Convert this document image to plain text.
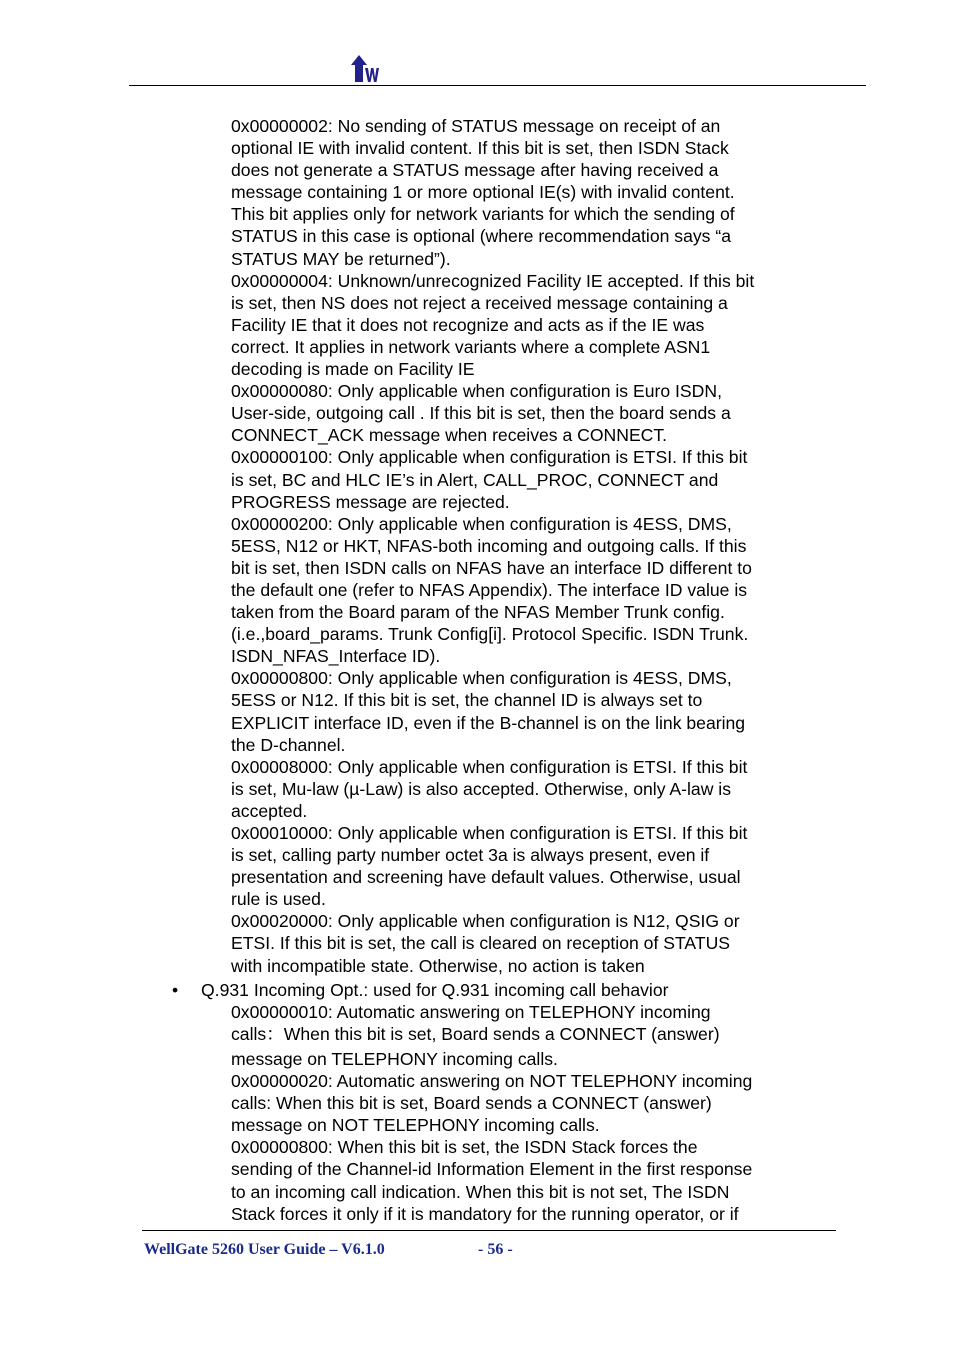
0x00000002: No sending of STATUS message on receipt of an
optional IE with invalid content. If this bit is set, then ISDN Stack
does not generate a STATUS message after having received a
message containing 1 or more optional IE(s) with invalid content.
This bit applies only for network variants for which the sending of
STATUS in this case is optional (where recommendation says “a
STATUS MAY be returned”).
0x00000004: Unknown/unrecognized Facility IE accepted. If this bit
is set, then NS does not reject a received message containing a
Facility IE that it does not recognize and acts as if the IE was
correct. It applies in network variants where a complete ASN1
decoding is made on Facility IE
0x00000080: Only applicable when configuration is Euro ISDN,
User-side, outgoing call . If this bit is set, then the board sends a
CONNECT_ACK message when receives a CONNECT.
0x00000100: Only applicable when configuration is ETSI. If this bit
is set, BC and HLC IE’s in Alert, CALL_PROC, CONNECT and
PROGRESS message are rejected.
0x00000200: Only applicable when configuration is 4ESS, DMS,
5ESS, N12 or HKT, NFAS-both incoming and outgoing calls. If this
bit is set, then ISDN calls on NFAS have an interface ID different to
the default one (refer to NFAS Appendix). The interface ID value is
taken from the Board param of the NFAS Member Trunk config.
(i.e.,board_params. Trunk Config[i]. Protocol Specific. ISDN Trunk.
ISDN_NFAS_Interface ID).
0x00000800: Only applicable when configuration is 4ESS, DMS,
5ESS or N12. If this bit is set, the channel ID is always set to
EXPLICIT interface ID, even if the B-channel is on the link bearing
the D-channel.
0x00008000: Only applicable when configuration is ETSI. If this bit
is set, Mu-law (µ-Law) is also accepted. Otherwise, only A-law is
accepted.
0x00010000: Only applicable when configuration is ETSI. If this bit
is set, calling party number octet 3a is always present, even if
presentation and screening have default values. Otherwise, usual
rule is used.
0x00020000: Only applicable when configuration is N12, QSIG or
ETSI. If this bit is set, the call is cleared on reception of STATUS
with incompatible state. Otherwise, no action is taken
• Q.931 Incoming Opt.: used for Q.931 incoming call behavior
0x00000010: Automatic answering on TELEPHONY incoming
calls：When this bit is set, Board sends a CONNECT (answer)
message on TELEPHONY incoming calls.
0x00000020: Automatic answering on NOT TELEPHONY incoming
calls: When this bit is set, Board sends a CONNECT (answer)
message on NOT TELEPHONY incoming calls.
0x00000800: When this bit is set, the ISDN Stack forces the
sending of the Channel-id Information Element in the first response
to an incoming call indication. When this bit is not set, The ISDN
Stack forces it only if it is mandatory for the running operator, or if
WellGate 5260 User Guide – V6.1.0	- 56 -
